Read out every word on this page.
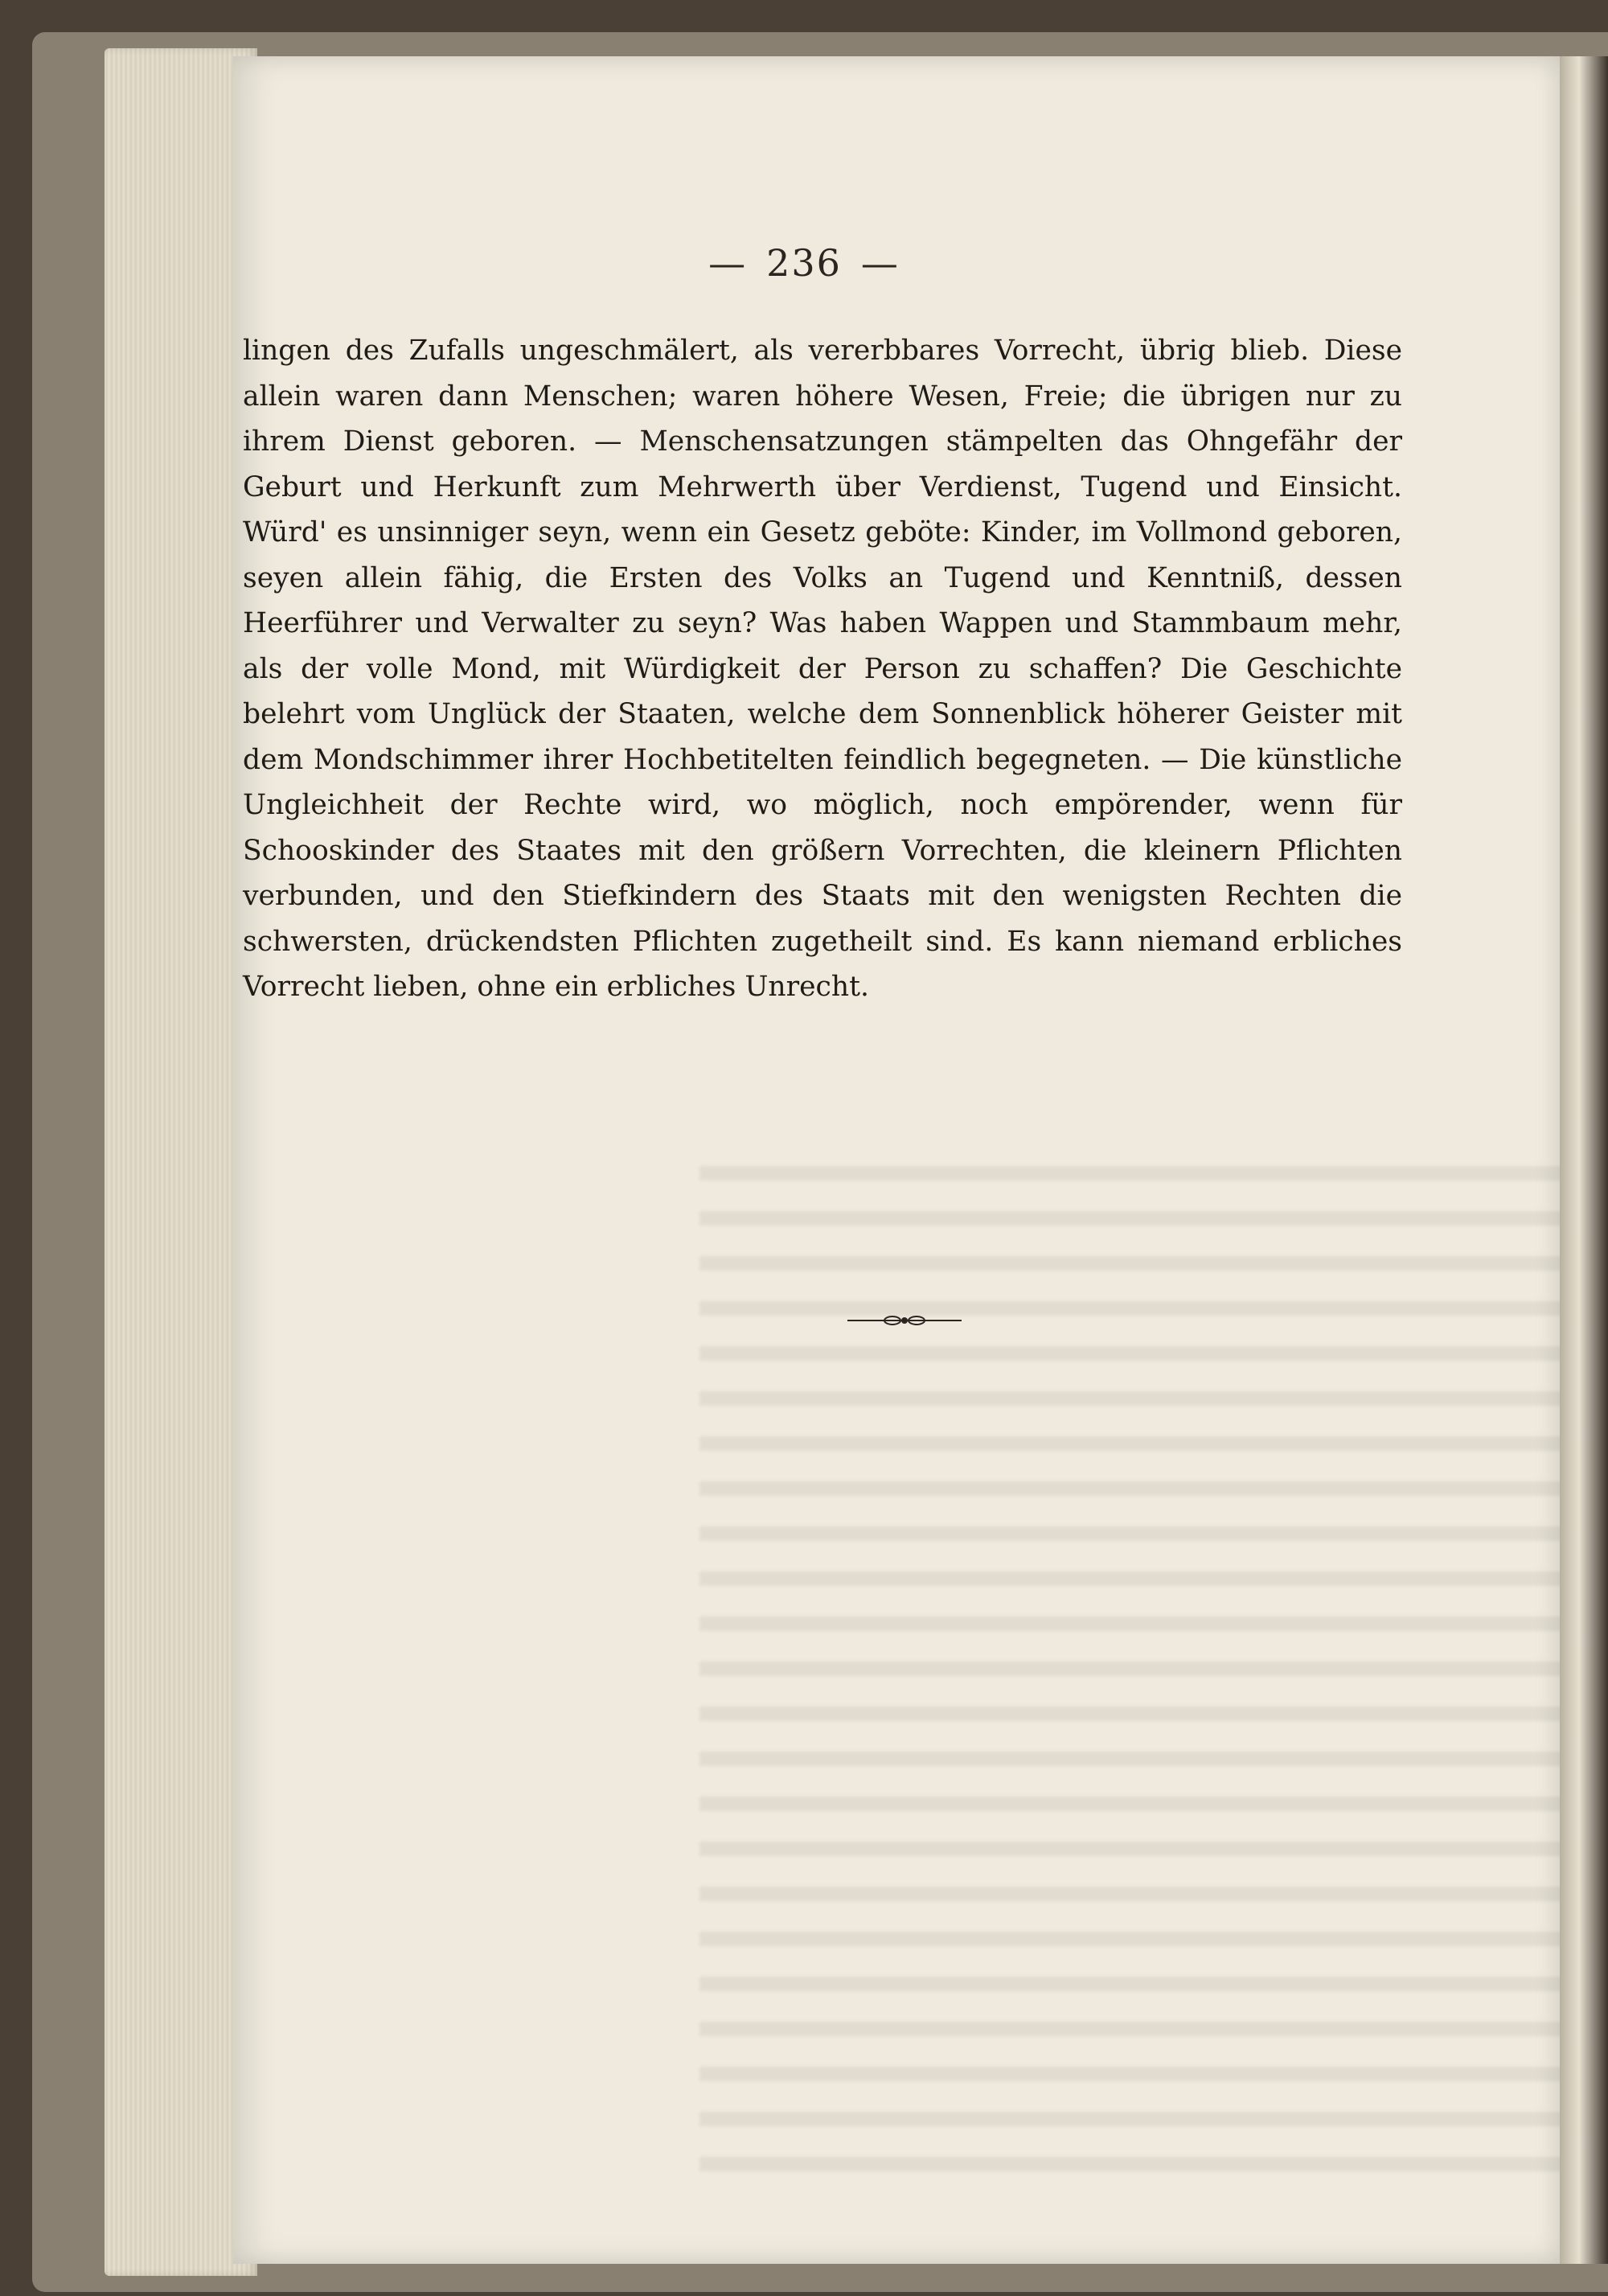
— 236 —

lingen des Zufalls ungeschmälert, als vererbbares Vorrecht, übrig blieb. Diese allein waren dann Menschen; waren höhere Wesen, Freie; die übrigen nur zu ihrem Dienst geboren. — Menschensatzungen stämpelten das Ohngefähr der Geburt und Herkunft zum Mehrwerth über Verdienst, Tugend und Einsicht. Würd' es unsinniger seyn, wenn ein Gesetz geböte: Kinder, im Vollmond geboren, seyen allein fähig, die Ersten des Volks an Tugend und Kenntniß, dessen Heerführer und Verwalter zu seyn? Was haben Wappen und Stammbaum mehr, als der volle Mond, mit Würdigkeit der Person zu schaffen? Die Geschichte belehrt vom Unglück der Staaten, welche dem Sonnenblick höherer Geister mit dem Mondschimmer ihrer Hochbetitelten feindlich begegneten. — Die künstliche Ungleichheit der Rechte wird, wo möglich, noch empörender, wenn für Schooskinder des Staates mit den größern Vorrechten, die kleinern Pflichten verbunden, und den Stiefkindern des Staats mit den wenigsten Rechten die schwersten, drückendsten Pflichten zugetheilt sind. Es kann niemand erbliches Vorrecht lieben, ohne ein erbliches Unrecht.
